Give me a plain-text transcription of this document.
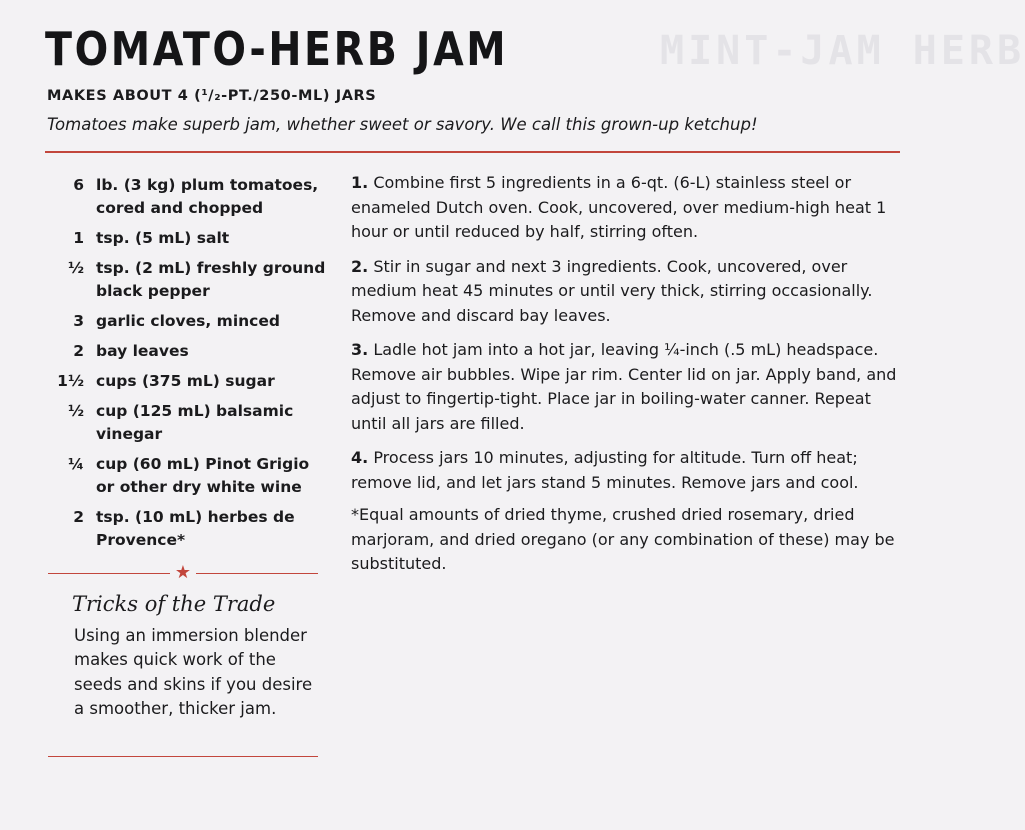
MINT-JAM HERB
TOMATO-HERB JAM
MAKES ABOUT 4 (¹/₂-PT./250-ML) JARS
Tomatoes make superb jam, whether sweet or savory. We call this grown-up ketchup!
6 lb. (3 kg) plum tomatoes, cored and chopped
1 tsp. (5 mL) salt
½ tsp. (2 mL) freshly ground black pepper
3 garlic cloves, minced
2 bay leaves
1½ cups (375 mL) sugar
½ cup (125 mL) balsamic vinegar
¼ cup (60 mL) Pinot Grigio or other dry white wine
2 tsp. (10 mL) herbes de Provence*
★
Tricks of the Trade
Using an immersion blender makes quick work of the seeds and skins if you desire a smoother, thicker jam.
1. Combine first 5 ingredients in a 6-qt. (6-L) stainless steel or enameled Dutch oven. Cook, uncovered, over medium-high heat 1 hour or until reduced by half, stirring often.
2. Stir in sugar and next 3 ingredients. Cook, uncovered, over medium heat 45 minutes or until very thick, stirring occasionally. Remove and discard bay leaves.
3. Ladle hot jam into a hot jar, leaving ¼-inch (.5 mL) headspace. Remove air bubbles. Wipe jar rim. Center lid on jar. Apply band, and adjust to fingertip-tight. Place jar in boiling-water canner. Repeat until all jars are filled.
4. Process jars 10 minutes, adjusting for altitude. Turn off heat; remove lid, and let jars stand 5 minutes. Remove jars and cool.
*Equal amounts of dried thyme, crushed dried rosemary, dried marjoram, and dried oregano (or any combination of these) may be substituted.
